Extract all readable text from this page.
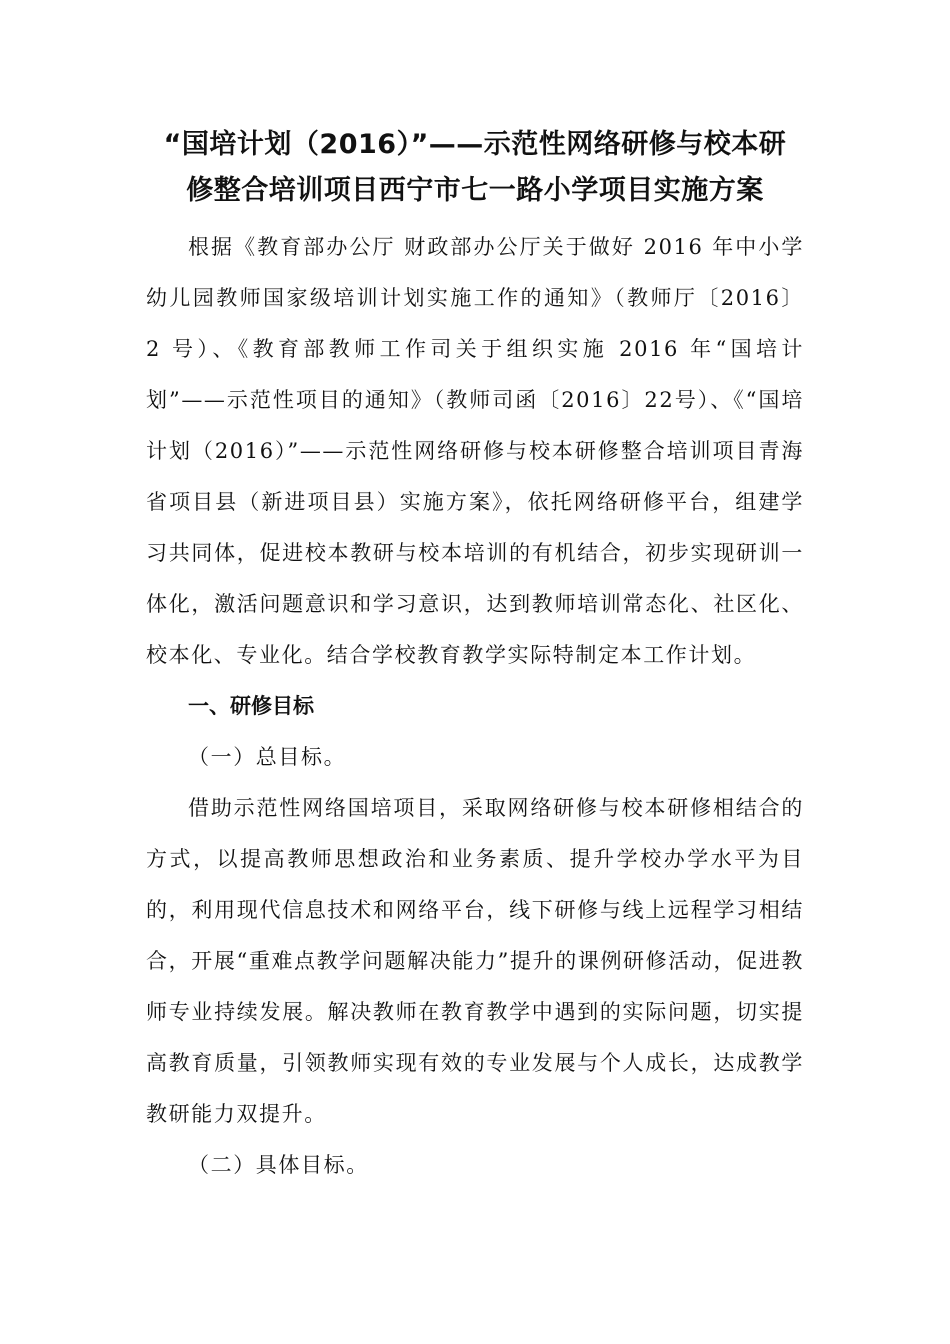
“国培计划（2016）”——示范性网络研修与校本研
修整合培训项目西宁市七一路小学项目实施方案

根据《教育部办公厅 财政部办公厅关于做好 2016 年中小学幼儿园教师国家级培训计划实施工作的通知》（教师厅〔2016〕 2 号）、《教育部教师工作司关于组织实施 2016 年“国培计划”——示范性项目的通知》（教师司函〔2016〕22号）、《“国培计划（2016）”——示范性网络研修与校本研修整合培训项目青海省项目县（新进项目县）实施方案》，依托网络研修平台，组建学习共同体，促进校本教研与校本培训的有机结合，初步实现研训一体化，激活问题意识和学习意识，达到教师培训常态化、社区化、校本化、专业化。结合学校教育教学实际特制定本工作计划。

一、研修目标

（一）总目标。

借助示范性网络国培项目，采取网络研修与校本研修相结合的方式，以提高教师思想政治和业务素质、提升学校办学水平为目的，利用现代信息技术和网络平台，线下研修与线上远程学习相结合，开展“重难点教学问题解决能力”提升的课例研修活动，促进教师专业持续发展。解决教师在教育教学中遇到的实际问题，切实提高教育质量，引领教师实现有效的专业发展与个人成长，达成教学教研能力双提升。

（二）具体目标。
